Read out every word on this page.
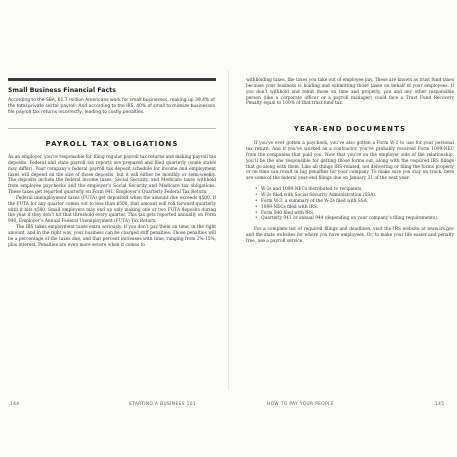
Small Business Financial Facts

According to the SBA, 61.7 million Americans work for small businesses, making up 39.4% of the total private sector payroll. And according to the IRS, 40% of small to midsize businesses file payroll tax returns incorrectly, leading to costly penalties.

PAYROLL TAX OBLIGATIONS

As an employer, you’re responsible for filing regular payroll tax returns and making payroll tax deposits. Federal and state payroll tax reports are prepared and filed quarterly (some states may differ). Your company’s federal payroll tax deposit schedule for income and employment taxes will depend on the size of those deposits, but it will either be monthly or semi-weekly. The deposits include the federal income taxes, Social Security, and Medicare taxes withheld from employee paychecks and the employer’s Social Security and Medicare tax obligations. These taxes get reported quarterly on Form 941, Employer’s Quarterly Federal Tax Return.

Federal unemployment taxes (FUTA) get deposited when the amount due exceeds $500. If the FUTA for any quarter comes out to less than $500, that amount will roll forward quarterly until it hits $500. Small employers may end up only making one or two FUTA deposits during the year if they don’t hit that threshold every quarter. This tax gets reported annually on Form 940, Employer’s Annual Federal Unemployment (FUTA) Tax Return.

The IRS takes employment taxes extra seriously. If you don’t pay them on time, in the right amount, and in the right way, your business can be charged stiff penalties. Those penalties will be a percentage of the taxes due, and that percent increases with time, ranging from 2%-15%, plus interest. Penalties are even more severe when it comes to

withholding taxes, the taxes you take out of employee pay. These are known as trust fund taxes because your business is holding and submitting those taxes on behalf of your employees. If you don’t withhold and remit those on time and properly, you and any other responsible person (like a corporate officer or a payroll manager) could face a Trust Fund Recovery Penalty equal to 100% of that trust fund tax.

YEAR-END DOCUMENTS

If you’ve ever gotten a paycheck, you’ve also gotten a Form W-2 to use for your personal tax return. And if you’ve worked as a contractor, you’ve probably received Form 1099-NEC from the companies that paid you. Now that you’re on the employer side of the relationship, you’ll be the one responsible for getting those forms out, along with the required IRS filings that go along with them. Like all things IRS-related, not delivering or filing the forms properly or on time can result in big penalties for your company. To make sure you stay on track, here are some of the federal year-end filings due on January 31 of the next year:

• W-2s and 1099-NECs distributed to recipients.
• W-2s filed with Social Security Administration (SSA).
• Form W-3, a summary of the W-2s filed with SSA.
• 1099-NECs filed with IRS.
• Form 940 filed with IRS.
• Quarterly 941 or annual 944 (depending on your company’s filing requirements).

For a complete list of required filings and deadlines, visit the IRS website at www.irs.gov and the state websites for where you have employees. Or, to make your life easier and penalty free, use a payroll service.

144	STARTING A BUSINESS 101	HOW TO PAY YOUR PEOPLE	145
